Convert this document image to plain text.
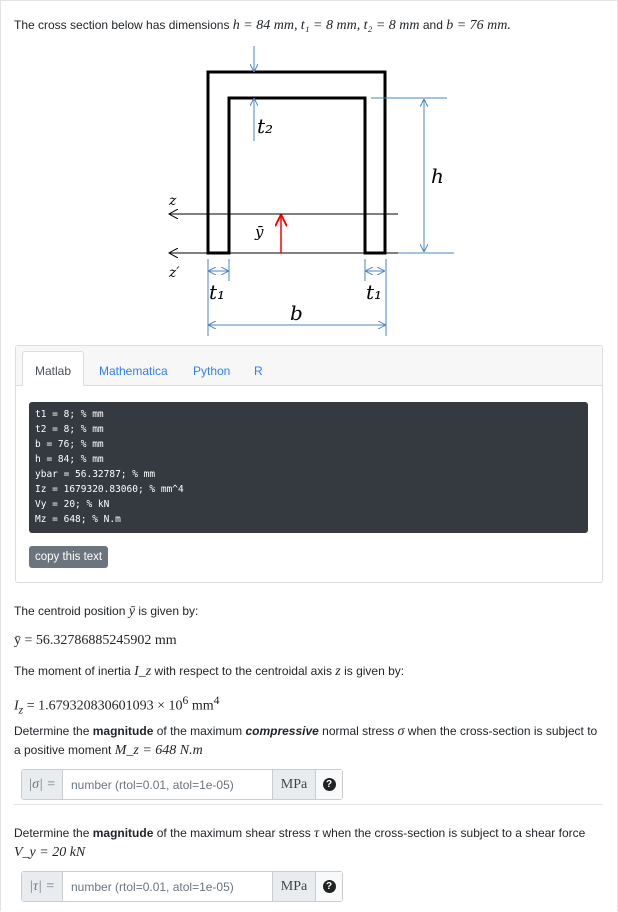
The cross section below has dimensions h = 84 mm, t₁ = 8 mm, t₂ = 8 mm and b = 76 mm.

t₂
h
z
ȳ
z′
t₁	t₁
b
Matlab	Mathematica	Python	R
t1 = 8; % mm
t2 = 8; % mm
b = 76; % mm
h = 84; % mm
ybar = 56.32787; % mm
Iz = 1679320.83060; % mm^4
Vy = 20; % kN
Mz = 648; % N.m
copy this text

The centroid position ȳ is given by:

ȳ = 56.32786885245902 mm

The moment of inertia I_z with respect to the centroidal axis z is given by:

$I_z = 1.679320830601093 \times 10^6$ $mm^4$

Determine the magnitude of the maximum compressive normal stress σ when the cross-section is subject to a positive moment M_z = 648 N.m

|σ| =
number (rtol=0.01, atol=1e-05)	MPa	?

Determine the magnitude of the maximum shear stress τ when the cross-section is subject to a shear force V_y = 20 kN

|τ| =
number (rtol=0.01, atol=1e-05)	MPa	?
